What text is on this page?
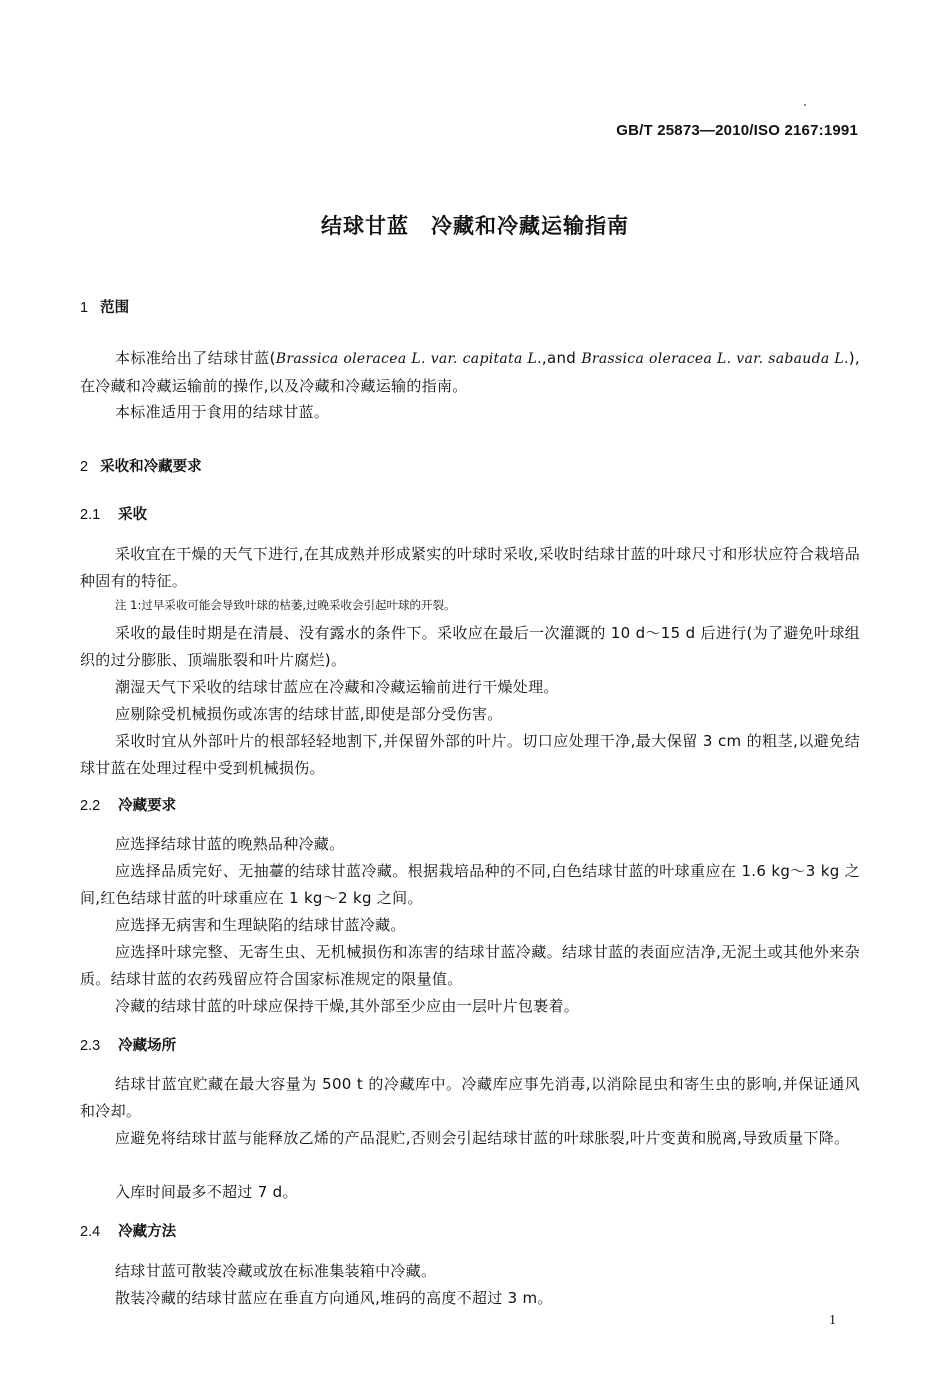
GB/T 25873—2010/ISO 2167:1991
结球甘蓝　冷藏和冷藏运输指南
1 范围
本标准给出了结球甘蓝(Brassica oleracea L. var. capitata L.,and Brassica oleracea L. var. sabauda L.),在冷藏和冷藏运输前的操作,以及冷藏和冷藏运输的指南。
本标准适用于食用的结球甘蓝。
2 采收和冷藏要求
2.1 采收
采收宜在干燥的天气下进行,在其成熟并形成紧实的叶球时采收,采收时结球甘蓝的叶球尺寸和形状应符合栽培品种固有的特征。
注 1:过早采收可能会导致叶球的枯萎,过晚采收会引起叶球的开裂。
采收的最佳时期是在清晨、没有露水的条件下。采收应在最后一次灌溉的 10 d～15 d 后进行(为了避免叶球组织的过分膨胀、顶端胀裂和叶片腐烂)。
潮湿天气下采收的结球甘蓝应在冷藏和冷藏运输前进行干燥处理。
应剔除受机械损伤或冻害的结球甘蓝,即使是部分受伤害。
采收时宜从外部叶片的根部轻轻地割下,并保留外部的叶片。切口应处理干净,最大保留 3 cm 的粗茎,以避免结球甘蓝在处理过程中受到机械损伤。
2.2 冷藏要求
应选择结球甘蓝的晚熟品种冷藏。
应选择品质完好、无抽薹的结球甘蓝冷藏。根据栽培品种的不同,白色结球甘蓝的叶球重应在 1.6 kg～3 kg 之间,红色结球甘蓝的叶球重应在 1 kg～2 kg 之间。
应选择无病害和生理缺陷的结球甘蓝冷藏。
应选择叶球完整、无寄生虫、无机械损伤和冻害的结球甘蓝冷藏。结球甘蓝的表面应洁净,无泥土或其他外来杂质。结球甘蓝的农药残留应符合国家标准规定的限量值。
冷藏的结球甘蓝的叶球应保持干燥,其外部至少应由一层叶片包裹着。
2.3 冷藏场所
结球甘蓝宜贮藏在最大容量为 500 t 的冷藏库中。冷藏库应事先消毒,以消除昆虫和寄生虫的影响,并保证通风和冷却。
应避免将结球甘蓝与能释放乙烯的产品混贮,否则会引起结球甘蓝的叶球胀裂,叶片变黄和脱离,导致质量下降。
入库时间最多不超过 7 d。
2.4 冷藏方法
结球甘蓝可散装冷藏或放在标准集装箱中冷藏。
散装冷藏的结球甘蓝应在垂直方向通风,堆码的高度不超过 3 m。
1
